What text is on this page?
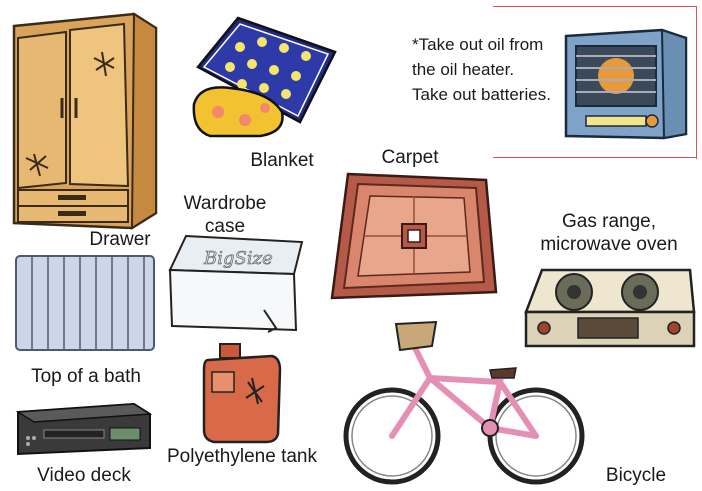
Drawer
Blanket	Carpet
*Take out oil from the oil heater. Take out batteries.
Wardrobe case
BigSize
Gas range, microwave oven
Top of a bath
Video deck
Polyethylene tank
Bicycle
